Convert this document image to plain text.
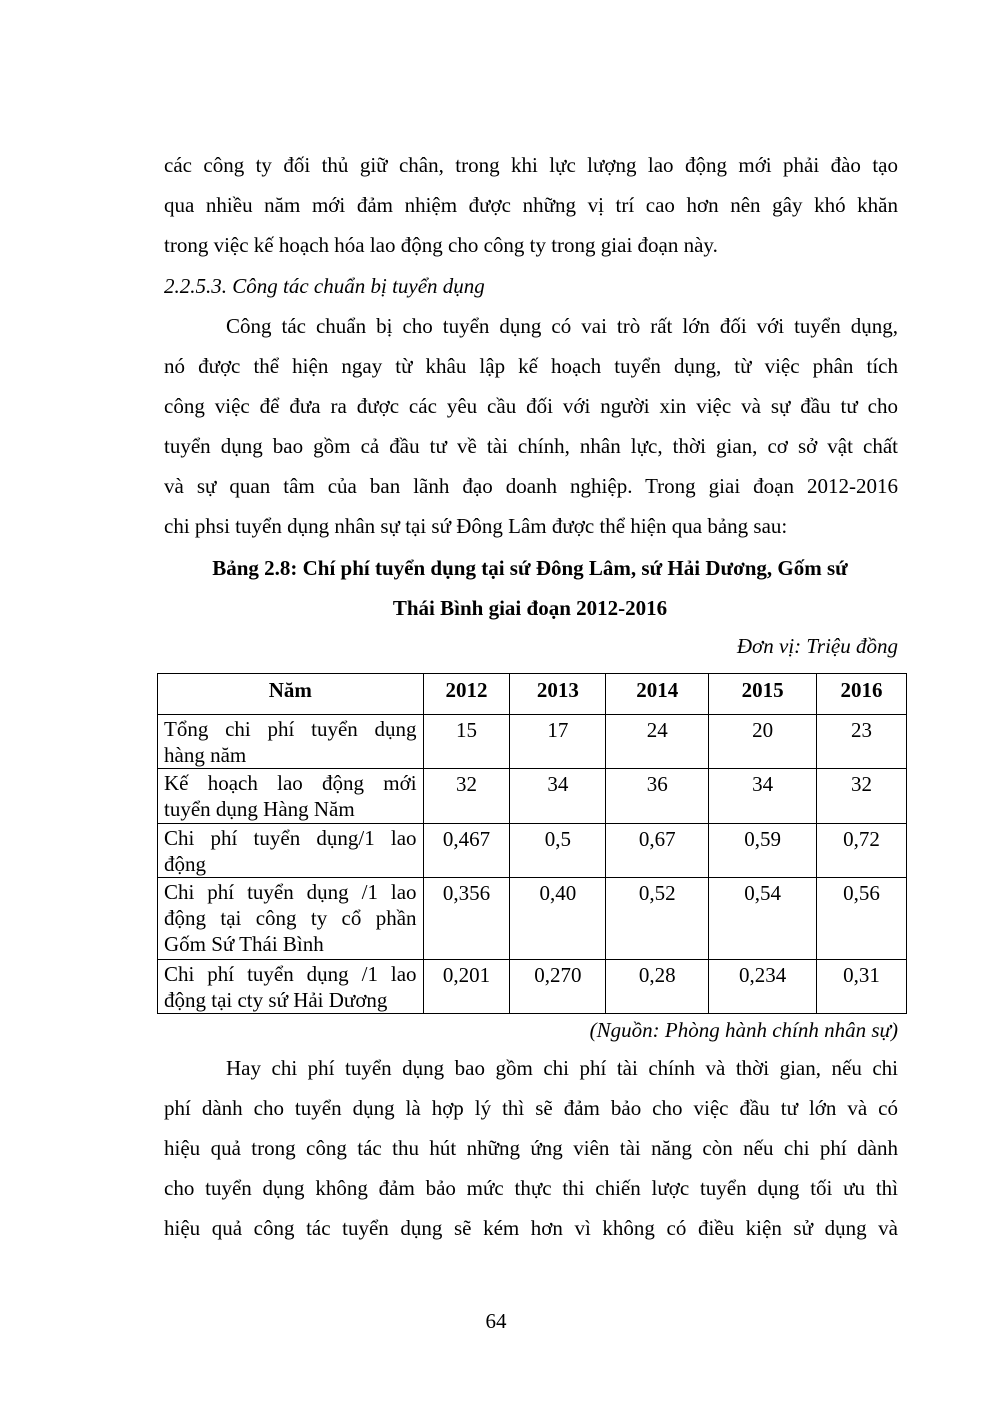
các công ty đối thủ giữ chân, trong khi lực lượng lao động mới phải đào tạo
qua nhiều năm mới đảm nhiệm được những vị trí cao hơn nên gây khó khăn
trong việc kế hoạch hóa lao động cho công ty trong giai đoạn này.
2.2.5.3. Công tác chuẩn bị tuyển dụng
Công tác chuẩn bị cho tuyển dụng có vai trò rất lớn đối với tuyển dụng,
nó được thể hiện ngay từ khâu lập kế hoạch tuyển dụng, từ việc phân tích
công việc để đưa ra được các yêu cầu đối với người xin việc và sự đầu tư cho
tuyển dụng bao gồm cả đầu tư về tài chính, nhân lực, thời gian, cơ sở vật chất
và sự quan tâm của ban lãnh đạo doanh nghiệp. Trong giai đoạn 2012-2016
chi phsi tuyển dụng nhân sự tại sứ Đông Lâm được thể hiện qua bảng sau:
Bảng 2.8: Chí phí tuyển dụng tại sứ Đông Lâm, sứ Hải Dương, Gốm sứ
Thái Bình giai đoạn 2012-2016
Đơn vị: Triệu đồng
Năm	2012	2013	2014	2015	2016

Tổng chi phí tuyển dụng
hàng năm	15	17	24	20	23

Kế hoạch lao động mới
tuyển dụng Hàng Năm	32	34	36	34	32

Chi phí tuyển dụng/1 lao
động	0,467	0,5	0,67	0,59	0,72

Chi phí tuyển dụng /1 lao
động tại công ty cổ phần
Gốm Sứ Thái Bình	0,356	0,40	0,52	0,54	0,56

Chi phí tuyển dụng /1 lao
động tại cty sứ Hải Dương	0,201	0,270	0,28	0,234	0,31
(Nguồn: Phòng hành chính nhân sự)
Hay chi phí tuyển dụng bao gồm chi phí tài chính và thời gian, nếu chi
phí dành cho tuyển dụng là hợp lý thì sẽ đảm bảo cho việc đầu tư lớn và có
hiệu quả trong công tác thu hút những ứng viên tài năng còn nếu chi phí dành
cho tuyển dụng không đảm bảo mức thực thi chiến lược tuyển dụng tối ưu thì
hiệu quả công tác tuyển dụng sẽ kém hơn vì không có điều kiện sử dụng và
64
